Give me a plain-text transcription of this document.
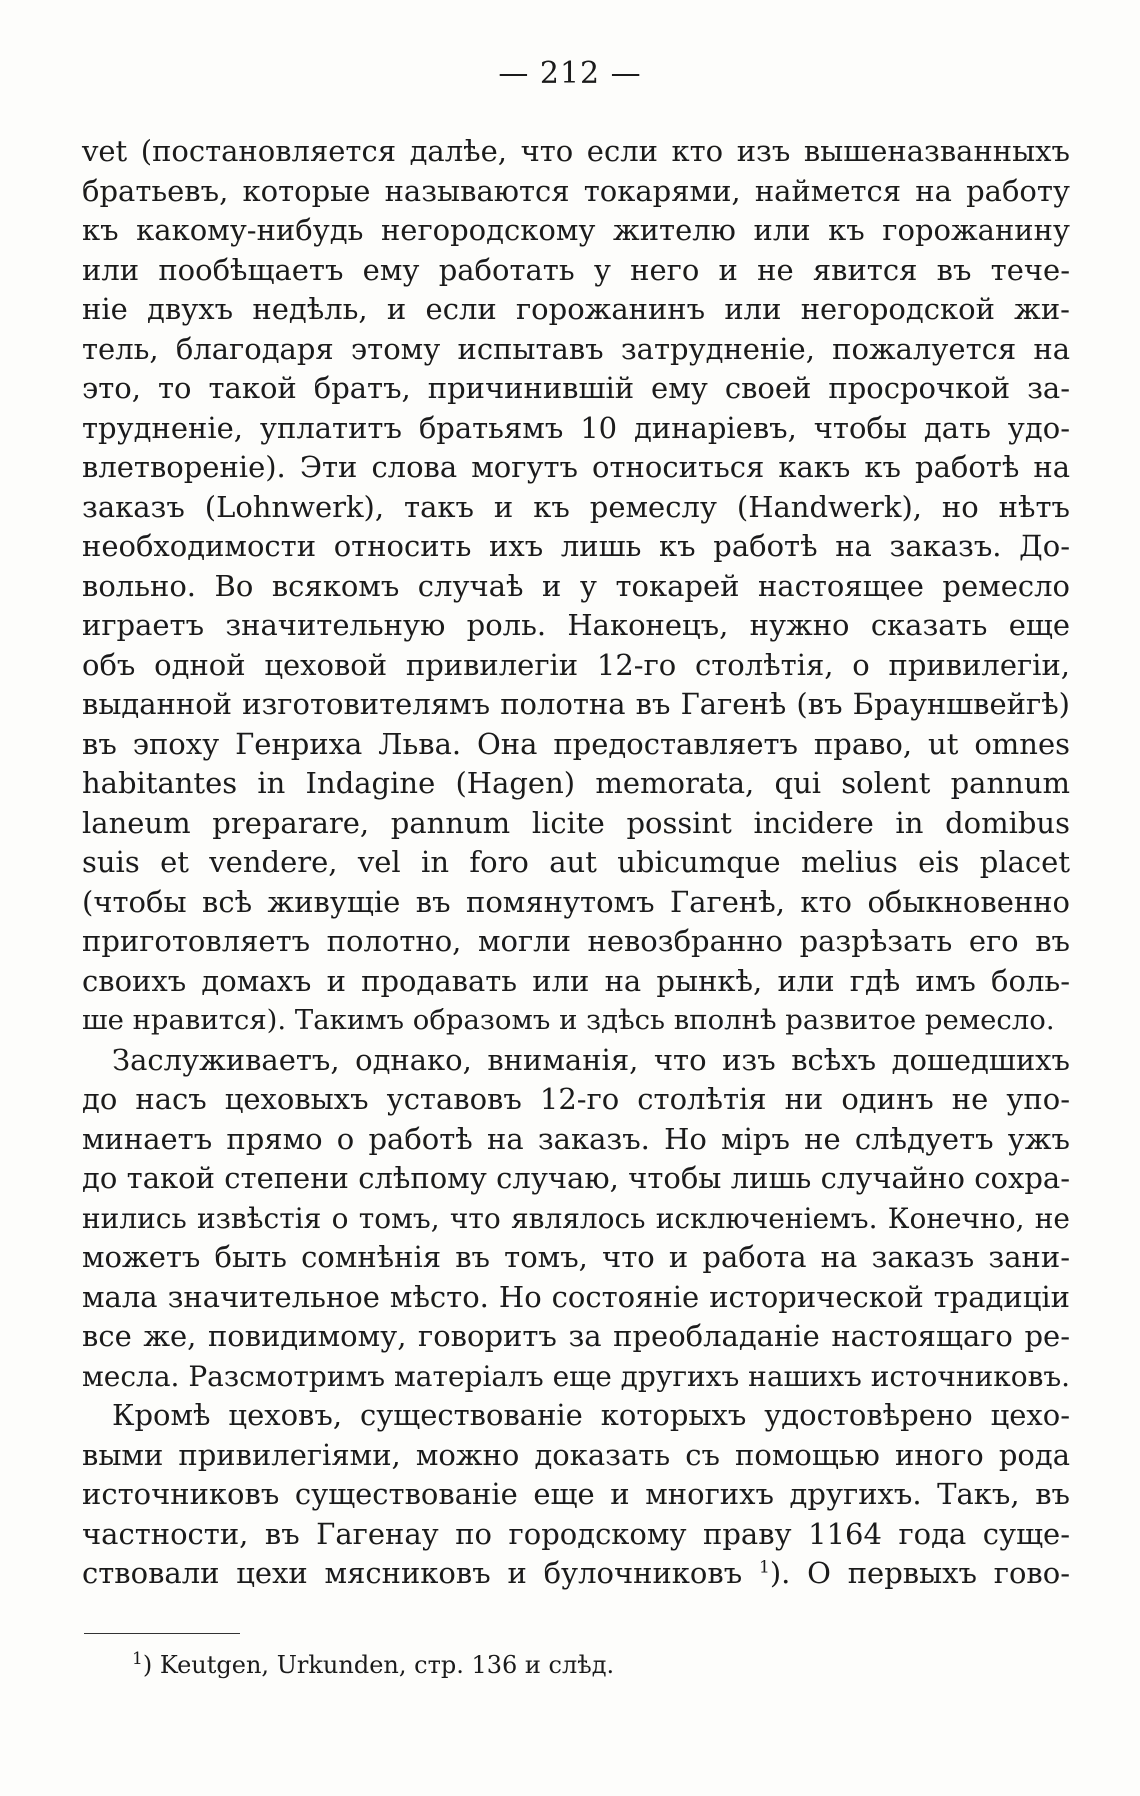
— 212 —
vet (постановляется далѣе, что если кто изъ вышеназванныхъ
братьевъ, которые называются токарями, наймется на работу
къ какому-нибудь негородскому жителю или къ горожанину
или пообѣщаетъ ему работать у него и не явится въ тече-
ніе двухъ недѣль, и если горожанинъ или негородской жи-
тель, благодаря этому испытавъ затрудненіе, пожалуется на
это, то такой братъ, причинившій ему своей просрочкой за-
трудненіе, уплатитъ братьямъ 10 динаріевъ, чтобы дать удо-
влетвореніе). Эти слова могутъ относиться какъ къ работѣ на
заказъ (Lohnwerk), такъ и къ ремеслу (Handwerk), но нѣтъ
необходимости относить ихъ лишь къ работѣ на заказъ. До-
вольно. Во всякомъ случаѣ и у токарей настоящее ремесло
играетъ значительную роль. Наконецъ, нужно сказать еще
объ одной цеховой привилегіи 12-го столѣтія, о привилегіи,
выданной изготовителямъ полотна въ Гагенѣ (въ Брауншвейгѣ)
въ эпоху Генриха Льва. Она предоставляетъ право, ut omnes
habitantes in Indagine (Hagen) memorata, qui solent pannum
laneum preparare, pannum licite possint incidere in domibus
suis et vendere, vel in foro aut ubicumque melius eis placet
(чтобы всѣ живущіе въ помянутомъ Гагенѣ, кто обыкновенно
приготовляетъ полотно, могли невозбранно разрѣзать его въ
своихъ домахъ и продавать или на рынкѣ, или гдѣ имъ боль-
ше нравится). Такимъ образомъ и здѣсь вполнѣ развитое ремесло.
Заслуживаетъ, однако, вниманія, что изъ всѣхъ дошедшихъ
до насъ цеховыхъ уставовъ 12-го столѣтія ни одинъ не упо-
минаетъ прямо о работѣ на заказъ. Но міръ не слѣдуетъ ужъ
до такой степени слѣпому случаю, чтобы лишь случайно сохра-
нились извѣстія о томъ, что являлось исключеніемъ. Конечно, не
можетъ быть сомнѣнія въ томъ, что и работа на заказъ зани-
мала значительное мѣсто. Но состояніе исторической традиціи
все же, повидимому, говоритъ за преобладаніе настоящаго ре-
месла. Разсмотримъ матеріалъ еще другихъ нашихъ источниковъ.
Кромѣ цеховъ, существованіе которыхъ удостовѣрено цехо-
выми привилегіями, можно доказать съ помощью иного рода
источниковъ существованіе еще и многихъ другихъ. Такъ, въ
частности, въ Гагенау по городскому праву 1164 года суще-
ствовали цехи мясниковъ и булочниковъ $^1$). О первыхъ гово-
$^1$) Keutgen, Urkunden, стр. 136 и слѣд.
